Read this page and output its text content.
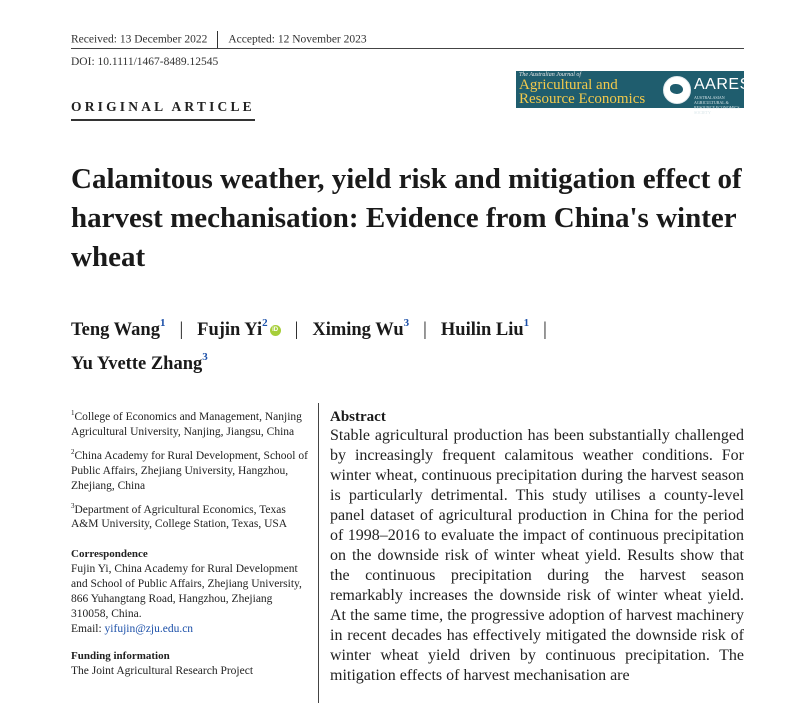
Received: 13 December 2022 Accepted: 12 November 2023
DOI: 10.1111/1467-8489.12545
The Australian Journal of
Agricultural and
Resource Economics
AARES
AUSTRALASIAN AGRICULTURAL & RESOURCE ECONOMICS SOCIETY
ORIGINAL ARTICLE
Calamitous weather, yield risk and mitigation effect of harvest mechanisation: Evidence from China's winter wheat
Teng Wang$^1$ | Fujin Yi$^2$iD | Ximing Wu$^3$ | Huilin Liu$^1$ |
Yu Yvette Zhang$^3$
$^1$College of Economics and Management, Nanjing Agricultural University, Nanjing, Jiangsu, China
$^2$China Academy for Rural Development, School of Public Affairs, Zhejiang University, Hangzhou, Zhejiang, China
$^3$Department of Agricultural Economics, Texas A&M University, College Station, Texas, USA
Correspondence
Fujin Yi, China Academy for Rural Development and School of Public Affairs, Zhejiang University, 866 Yuhangtang Road, Hangzhou, Zhejiang 310058, China.
Email: yifujin@zju.edu.cn
Funding information
The Joint Agricultural Research Project
Abstract

Stable agricultural production has been substantially challenged by increasingly frequent calamitous weather conditions. For winter wheat, continuous precipitation during the harvest season is particularly detrimental. This study utilises a county-level panel dataset of agricultural production in China for the period of 1998–2016 to evaluate the impact of continuous precipitation on the downside risk of winter wheat yield. Results show that the continuous precipitation during the harvest season remarkably increases the downside risk of winter wheat yield. At the same time, the progressive adoption of harvest machinery in recent decades has effectively mitigated the downside risk of winter wheat yield driven by continuous precipitation. The mitigation effects of harvest mechanisation are
